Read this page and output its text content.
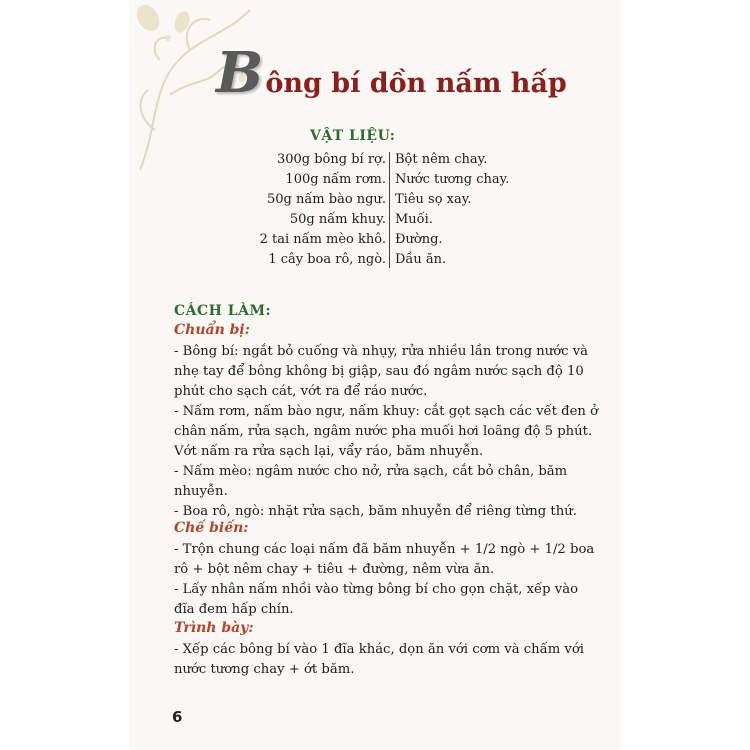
Bông bí dồn nấm hấp
VẬT LIỆU:
300g bông bí rợ. Bột nêm chay.
100g nấm rơm. Nước tương chay.
50g nấm bào ngư. Tiêu sọ xay.
50g nấm khuy. Muối.
2 tai nấm mèo khô. Đường.
1 cây boa rô, ngò. Dầu ăn.
CÁCH LÀM:
Chuẩn bị:
- Bông bí: ngắt bỏ cuống và nhụy, rửa nhiều lần trong nước và
nhẹ tay để bông không bị giập, sau đó ngâm nước sạch độ 10
phút cho sạch cát, vớt ra để ráo nước.
- Nấm rơm, nấm bào ngư, nấm khuy: cắt gọt sạch các vết đen ở
chân nấm, rửa sạch, ngâm nước pha muối hơi loãng độ 5 phút.
Vớt nấm ra rửa sạch lại, vẩy ráo, băm nhuyễn.
- Nấm mèo: ngâm nước cho nở, rửa sạch, cắt bỏ chân, băm
nhuyễn.
- Boa rô, ngò: nhặt rửa sạch, băm nhuyễn để riêng từng thứ.
Chế biến:
- Trộn chung các loại nấm đã băm nhuyễn + 1/2 ngò + 1/2 boa
rô + bột nêm chay + tiêu + đường, nêm vừa ăn.
- Lấy nhân nấm nhồi vào từng bông bí cho gọn chặt, xếp vào
đĩa đem hấp chín.
Trình bày:
- Xếp các bông bí vào 1 đĩa khác, dọn ăn với cơm và chấm với
nước tương chay + ớt băm.
6
